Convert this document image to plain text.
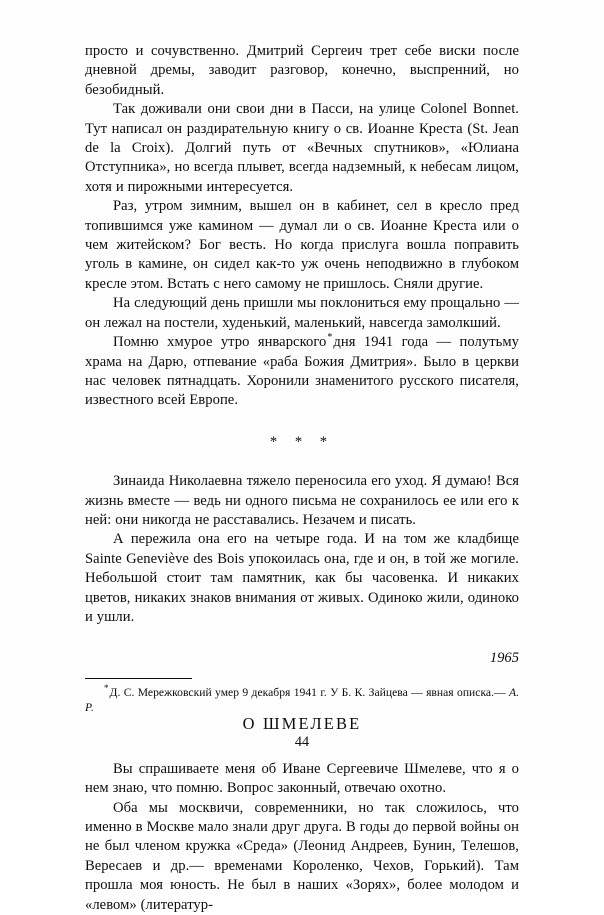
просто и сочувственно. Дмитрий Сергеич трет себе виски после дневной дремы, заводит разговор, конечно, выспренний, но безобидный.

Так доживали они свои дни в Пасси, на улице Colonel Bonnet. Тут написал он раздирательную книгу о св. Иоанне Креста (St. Jean de la Croix). Долгий путь от «Вечных спутников», «Юлиана Отступника», но всегда плывет, всегда надземный, к небесам лицом, хотя и пирожными интересуется.

Раз, утром зимним, вышел он в кабинет, сел в кресло пред топившимся уже камином — думал ли о св. Иоанне Креста или о чем житейском? Бог весть. Но когда прислуга вошла поправить уголь в камине, он сидел как-то уж очень неподвижно в глубоком кресле этом. Встать с него самому не пришлось. Сняли другие.

На следующий день пришли мы поклониться ему прощально — он лежал на постели, худенький, маленький, навсегда замолкший.

Помню хмурое утро январского*дня 1941 года — полутьму храма на Дарю, отпевание «раба Божия Дмитрия». Было в церкви нас человек пятнадцать. Хоронили знаменитого русского писателя, известного всей Европе.

* * *

Зинаида Николаевна тяжело переносила его уход. Я думаю! Вся жизнь вместе — ведь ни одного письма не сохранилось ее или его к ней: они никогда не расставались. Незачем и писать.

А пережила она его на четыре года. И на том же кладбище Sainte Geneviève des Bois упокоилась она, где и он, в той же могиле. Небольшой стоит там памятник, как бы часовенка. И никаких цветов, никаких знаков внимания от живых. Одиноко жили, одиноко и ушли.

1965
О ШМЕЛЕВЕ

Вы спрашиваете меня об Иване Сергеевиче Шмелеве, что я о нем знаю, что помню. Вопрос законный, отвечаю охотно.

Оба мы москвичи, современники, но так сложилось, что именно в Москве мало знали друг друга. В годы до первой войны он не был членом кружка «Среда» (Леонид Андреев, Бунин, Телешов, Вересаев и др.— временами Короленко, Чехов, Горький). Там прошла моя юность. Не был в наших «Зорях», более молодом и «левом» (литератур-

*Д. С. Мережковский умер 9 декабря 1941 г. У Б. К. Зайцева — явная описка.— А. Р.

44
